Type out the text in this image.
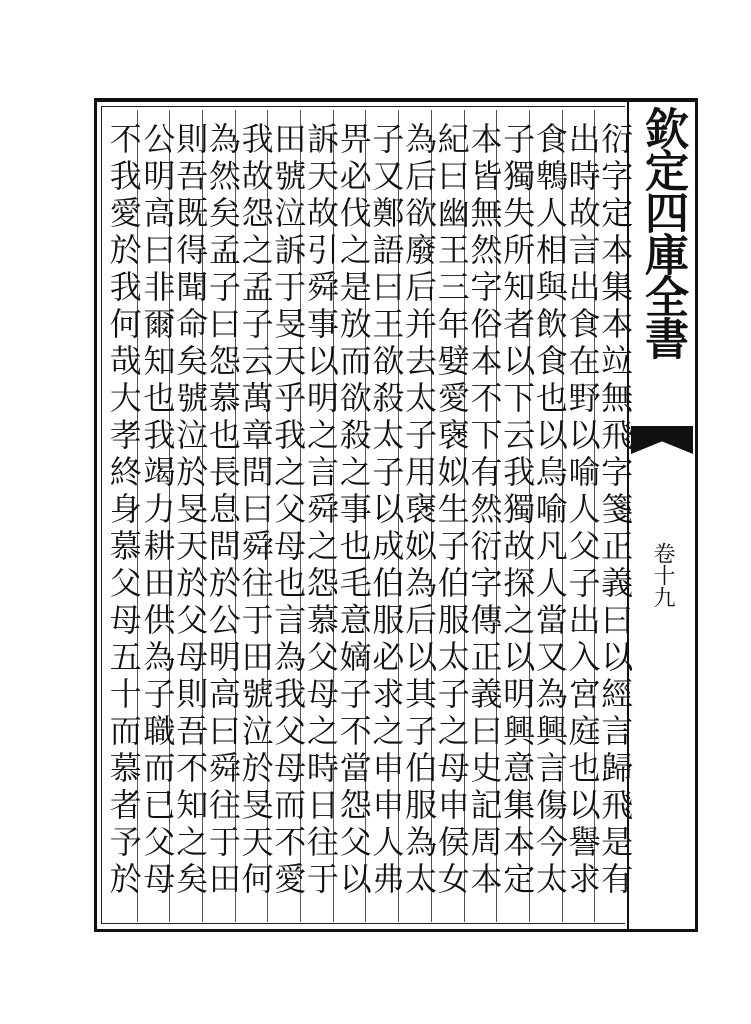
欽定四庫全書
卷十九
衍字定本集本竝無飛字箋正義曰以經言歸飛是有
出時故言出食在野以喻人父子出入宮庭也以譽求
食鵯人相與飲食也以烏喻凡人當又為興言傷今太
子獨失所知者以下云我獨故探之以明興意集本定
本皆無然字俗本不下有然衍字傳正義曰史記周本
紀曰幽王三年嬖愛襃姒生子伯服太子之母申侯女
為后欲廢后并去太子用襃姒為后以其子伯服為太
子又鄭語曰王欲殺太子以成伯服必求之申申人弗
畀必伐之是放而欲殺之事也毛意嫡子不當怨父以
訴天故引舜事以明之言舜之怨慕父母之時日往于
田號泣訴于旻天乎我之父母也言為我父母而不愛
我故怨之孟子云萬章問曰舜往于田號泣於旻天何
為然矣孟子曰怨慕也長息問於公明高曰舜往于田
則吾既得聞命矣號泣於旻天於父母則吾不知之矣
公明高曰非爾知也我竭力耕田供為子職而已父母
不我愛於我何哉大孝終身慕父母五十而慕者予於
